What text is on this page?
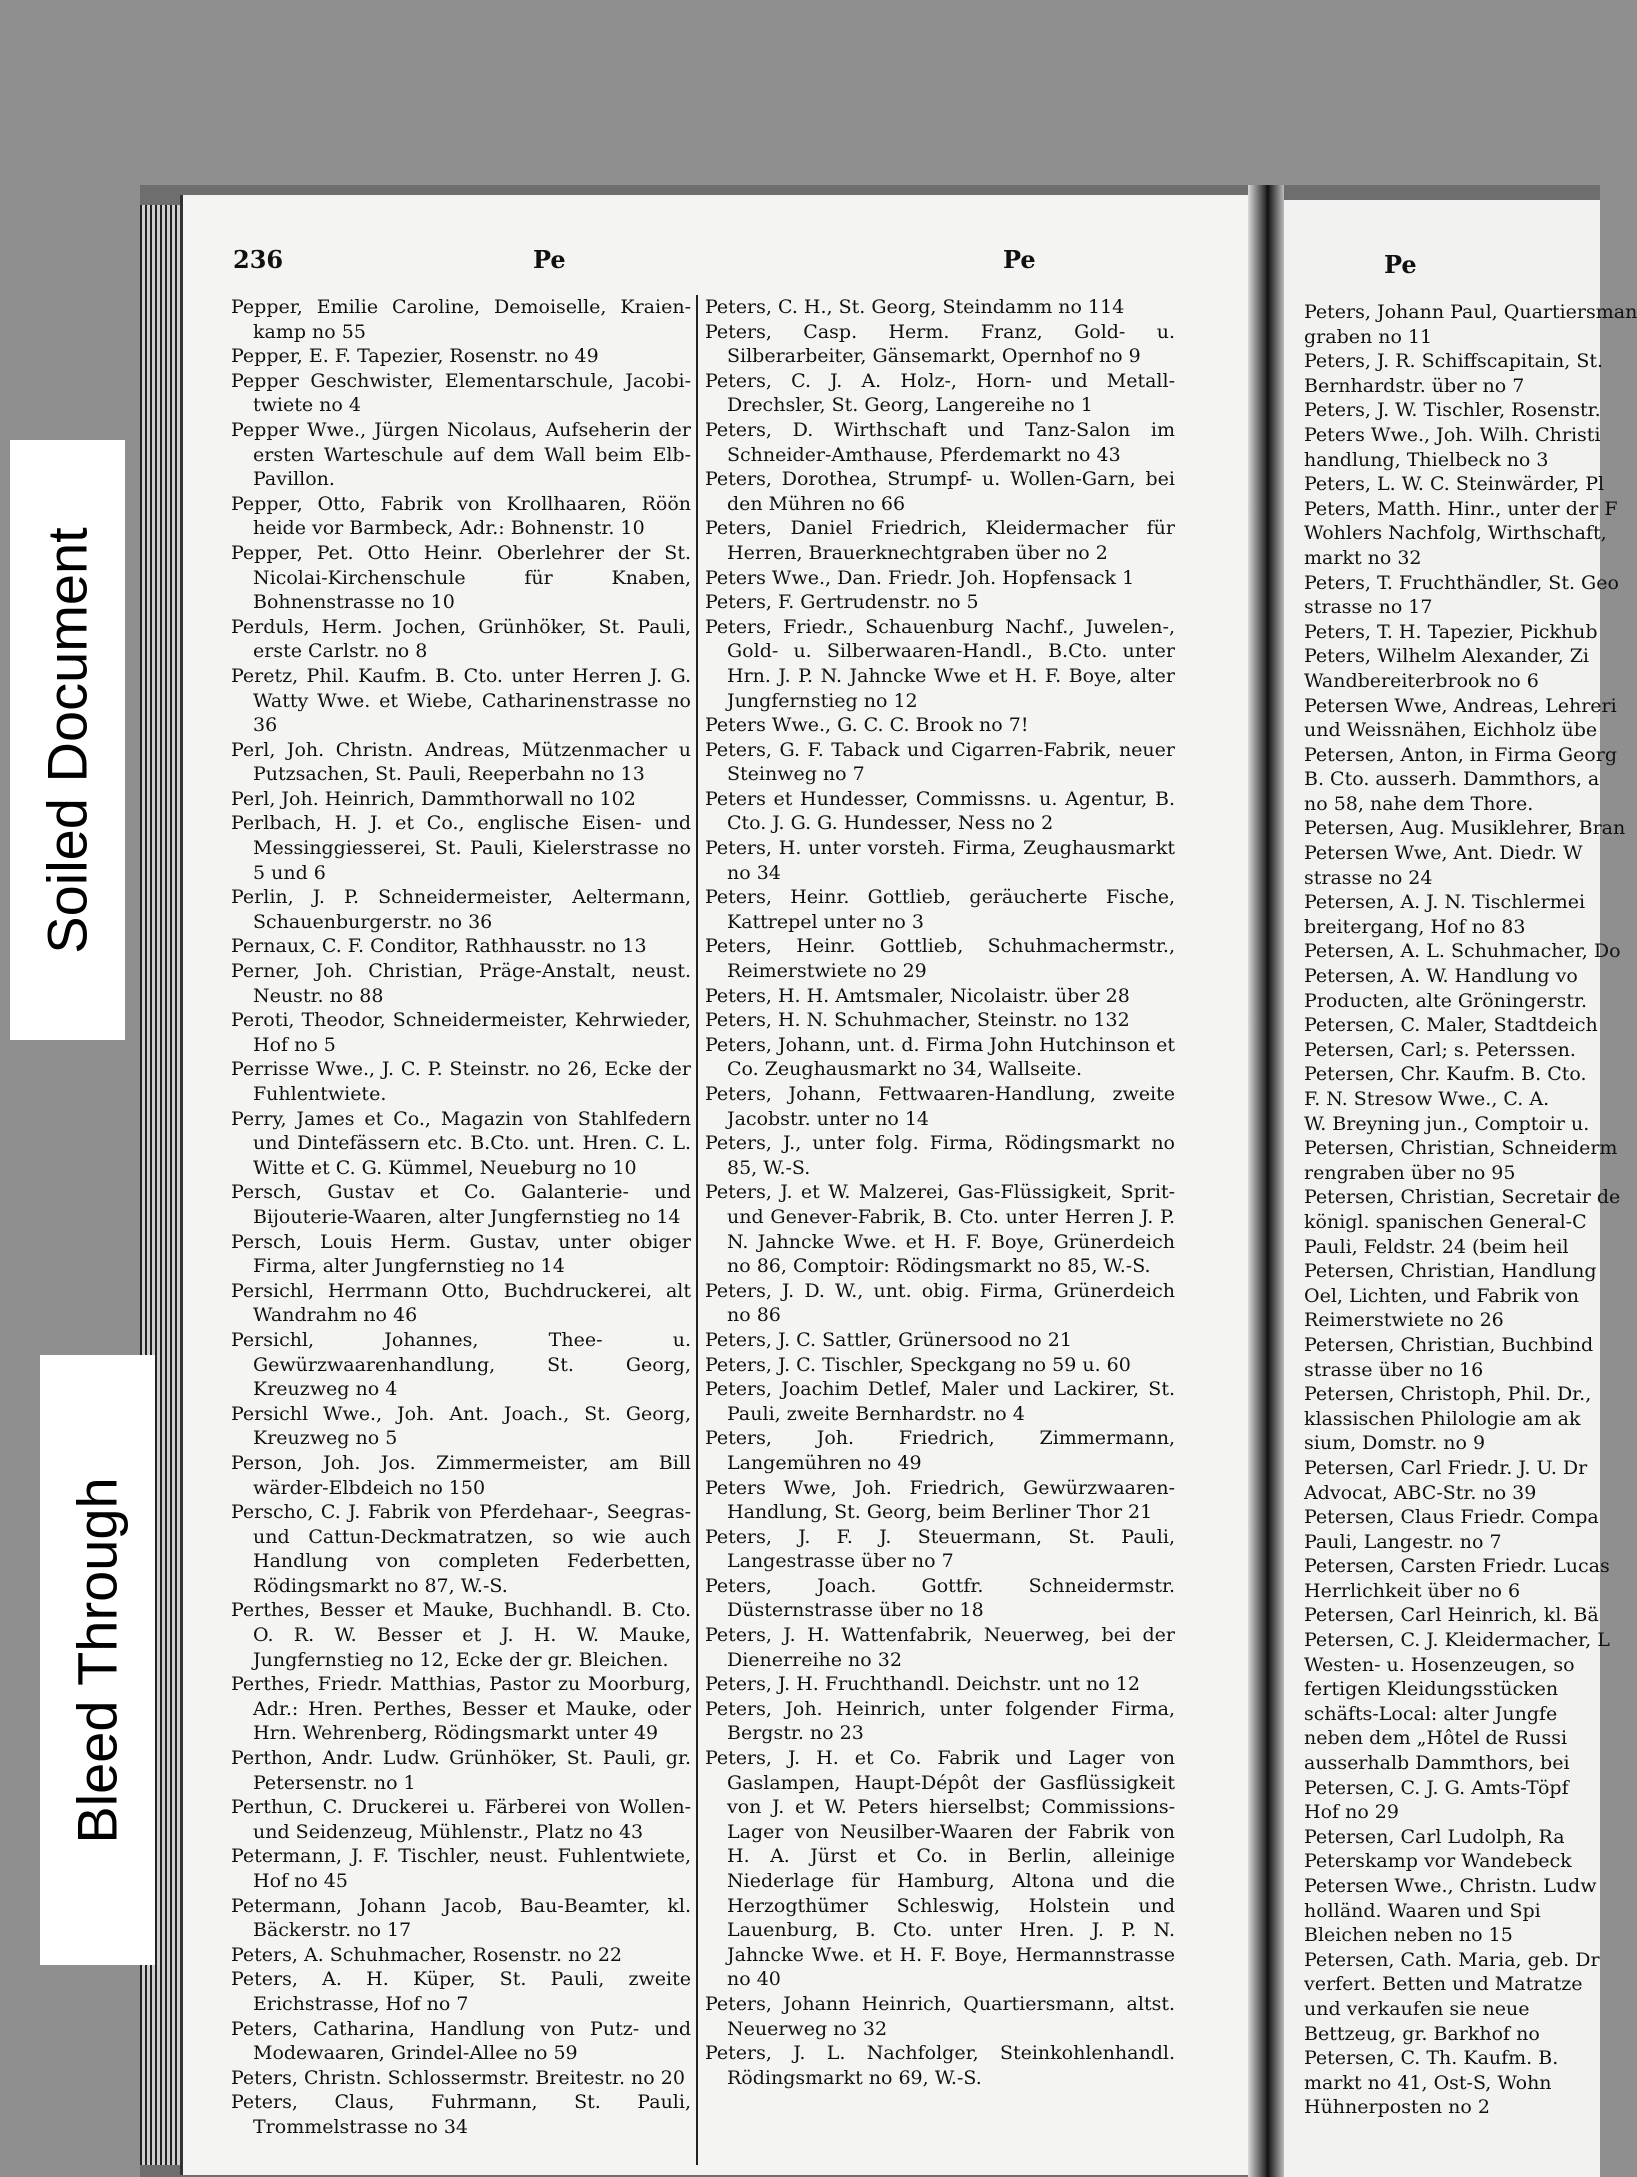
236	Pe	Pe
Pepper, Emilie Caroline, Demoiselle, Kraien-kamp no 55
Pepper, E. F. Tapezier, Rosenstr. no 49
Pepper Geschwister, Elementarschule, Jacobi-twiete no 4
Pepper Wwe., Jürgen Nicolaus, Aufseherin der ersten Warteschule auf dem Wall beim Elb-Pavillon.
Pepper, Otto, Fabrik von Krollhaaren, Röön heide vor Barmbeck, Adr.: Bohnenstr. 10
Pepper, Pet. Otto Heinr. Oberlehrer der St. Nicolai-Kirchenschule für Knaben, Bohnenstrasse no 10
Perduls, Herm. Jochen, Grünhöker, St. Pauli, erste Carlstr. no 8
Peretz, Phil. Kaufm. B. Cto. unter Herren J. G. Watty Wwe. et Wiebe, Catharinenstrasse no 36
Perl, Joh. Christn. Andreas, Mützenmacher u Putzsachen, St. Pauli, Reeperbahn no 13
Perl, Joh. Heinrich, Dammthorwall no 102
Perlbach, H. J. et Co., englische Eisen- und Messinggiesserei, St. Pauli, Kielerstrasse no 5 und 6
Perlin, J. P. Schneidermeister, Aeltermann, Schauenburgerstr. no 36
Pernaux, C. F. Conditor, Rathhausstr. no 13
Perner, Joh. Christian, Präge-Anstalt, neust. Neustr. no 88
Peroti, Theodor, Schneidermeister, Kehrwieder, Hof no 5
Perrisse Wwe., J. C. P. Steinstr. no 26, Ecke der Fuhlentwiete.
Perry, James et Co., Magazin von Stahlfedern und Dintefässern etc. B.Cto. unt. Hren. C. L. Witte et C. G. Kümmel, Neueburg no 10
Persch, Gustav et Co. Galanterie- und Bijouterie-Waaren, alter Jungfernstieg no 14
Persch, Louis Herm. Gustav, unter obiger Firma, alter Jungfernstieg no 14
Persichl, Herrmann Otto, Buchdruckerei, alt Wandrahm no 46
Persichl, Johannes, Thee- u. Gewürzwaarenhandlung, St. Georg, Kreuzweg no 4
Persichl Wwe., Joh. Ant. Joach., St. Georg, Kreuzweg no 5
Person, Joh. Jos. Zimmermeister, am Bill wärder-Elbdeich no 150
Perscho, C. J. Fabrik von Pferdehaar-, Seegras- und Cattun-Deckmatratzen, so wie auch Handlung von completen Federbetten, Rödingsmarkt no 87, W.-S.
Perthes, Besser et Mauke, Buchhandl. B. Cto. O. R. W. Besser et J. H. W. Mauke, Jungfernstieg no 12, Ecke der gr. Bleichen.
Perthes, Friedr. Matthias, Pastor zu Moorburg, Adr.: Hren. Perthes, Besser et Mauke, oder Hrn. Wehrenberg, Rödingsmarkt unter 49
Perthon, Andr. Ludw. Grünhöker, St. Pauli, gr. Petersenstr. no 1
Perthun, C. Druckerei u. Färberei von Wollen- und Seidenzeug, Mühlenstr., Platz no 43
Petermann, J. F. Tischler, neust. Fuhlentwiete, Hof no 45
Petermann, Johann Jacob, Bau-Beamter, kl. Bäckerstr. no 17
Peters, A. Schuhmacher, Rosenstr. no 22
Peters, A. H. Küper, St. Pauli, zweite Erichstrasse, Hof no 7
Peters, Catharina, Handlung von Putz- und Modewaaren, Grindel-Allee no 59
Peters, Christn. Schlossermstr. Breitestr. no 20
Peters, Claus, Fuhrmann, St. Pauli, Trommelstrasse no 34
Peters, C. H., St. Georg, Steindamm no 114
Peters, Casp. Herm. Franz, Gold- u. Silberarbeiter, Gänsemarkt, Opernhof no 9
Peters, C. J. A. Holz-, Horn- und Metall-Drechsler, St. Georg, Langereihe no 1
Peters, D. Wirthschaft und Tanz-Salon im Schneider-Amthause, Pferdemarkt no 43
Peters, Dorothea, Strumpf- u. Wollen-Garn, bei den Mühren no 66
Peters, Daniel Friedrich, Kleidermacher für Herren, Brauerknechtgraben über no 2
Peters Wwe., Dan. Friedr. Joh. Hopfensack 1
Peters, F. Gertrudenstr. no 5
Peters, Friedr., Schauenburg Nachf., Juwelen-, Gold- u. Silberwaaren-Handl., B.Cto. unter Hrn. J. P. N. Jahncke Wwe et H. F. Boye, alter Jungfernstieg no 12
Peters Wwe., G. C. C. Brook no 7!
Peters, G. F. Taback und Cigarren-Fabrik, neuer Steinweg no 7
Peters et Hundesser, Commissns. u. Agentur, B. Cto. J. G. G. Hundesser, Ness no 2
Peters, H. unter vorsteh. Firma, Zeughausmarkt no 34
Peters, Heinr. Gottlieb, geräucherte Fische, Kattrepel unter no 3
Peters, Heinr. Gottlieb, Schuhmachermstr., Reimerstwiete no 29
Peters, H. H. Amtsmaler, Nicolaistr. über 28
Peters, H. N. Schuhmacher, Steinstr. no 132
Peters, Johann, unt. d. Firma John Hutchinson et Co. Zeughausmarkt no 34, Wallseite.
Peters, Johann, Fettwaaren-Handlung, zweite Jacobstr. unter no 14
Peters, J., unter folg. Firma, Rödingsmarkt no 85, W.-S.
Peters, J. et W. Malzerei, Gas-Flüssigkeit, Sprit- und Genever-Fabrik, B. Cto. unter Herren J. P. N. Jahncke Wwe. et H. F. Boye, Grünerdeich no 86, Comptoir: Rödingsmarkt no 85, W.-S.
Peters, J. D. W., unt. obig. Firma, Grünerdeich no 86
Peters, J. C. Sattler, Grünersood no 21
Peters, J. C. Tischler, Speckgang no 59 u. 60
Peters, Joachim Detlef, Maler und Lackirer, St. Pauli, zweite Bernhardstr. no 4
Peters, Joh. Friedrich, Zimmermann, Langemühren no 49
Peters Wwe, Joh. Friedrich, Gewürzwaaren-Handlung, St. Georg, beim Berliner Thor 21
Peters, J. F. J. Steuermann, St. Pauli, Langestrasse über no 7
Peters, Joach. Gottfr. Schneidermstr. Düsternstrasse über no 18
Peters, J. H. Wattenfabrik, Neuerweg, bei der Dienerreihe no 32
Peters, J. H. Fruchthandl. Deichstr. unt no 12
Peters, Joh. Heinrich, unter folgender Firma, Bergstr. no 23
Peters, J. H. et Co. Fabrik und Lager von Gaslampen, Haupt-Dépôt der Gasflüssigkeit von J. et W. Peters hierselbst; Commissions-Lager von Neusilber-Waaren der Fabrik von H. A. Jürst et Co. in Berlin, alleinige Niederlage für Hamburg, Altona und die Herzogthümer Schleswig, Holstein und Lauenburg, B. Cto. unter Hren. J. P. N. Jahncke Wwe. et H. F. Boye, Hermannstrasse no 40
Peters, Johann Heinrich, Quartiersmann, altst. Neuerweg no 32
Peters, J. L. Nachfolger, Steinkohlenhandl. Rödingsmarkt no 69, W.-S.
Pe
Peters, Johann Paul, Quartiersman
graben no 11
Peters, J. R. Schiffscapitain, St.
Bernhardstr. über no 7
Peters, J. W. Tischler, Rosenstr.
Peters Wwe., Joh. Wilh. Christi
handlung, Thielbeck no 3
Peters, L. W. C. Steinwärder, Pl
Peters, Matth. Hinr., unter der F
Wohlers Nachfolg, Wirthschaft,
markt no 32
Peters, T. Fruchthändler, St. Geo
strasse no 17
Peters, T. H. Tapezier, Pickhub
Peters, Wilhelm Alexander, Zi
Wandbereiterbrook no 6
Petersen Wwe, Andreas, Lehreri
und Weissnähen, Eichholz übe
Petersen, Anton, in Firma Georg
B. Cto. ausserh. Dammthors, a
no 58, nahe dem Thore.
Petersen, Aug. Musiklehrer, Bran
Petersen Wwe, Ant. Diedr. W
strasse no 24
Petersen, A. J. N. Tischlermei
breitergang, Hof no 83
Petersen, A. L. Schuhmacher, Do
Petersen, A. W. Handlung vo
Producten, alte Gröningerstr.
Petersen, C. Maler, Stadtdeich
Petersen, Carl; s. Peterssen.
Petersen, Chr. Kaufm. B. Cto.
F. N. Stresow Wwe., C. A.
W. Breyning jun., Comptoir u.
Petersen, Christian, Schneiderm
rengraben über no 95
Petersen, Christian, Secretair de
königl. spanischen General-C
Pauli, Feldstr. 24 (beim heil
Petersen, Christian, Handlung
Oel, Lichten, und Fabrik von
Reimerstwiete no 26
Petersen, Christian, Buchbind
strasse über no 16
Petersen, Christoph, Phil. Dr.,
klassischen Philologie am ak
sium, Domstr. no 9
Petersen, Carl Friedr. J. U. Dr
Advocat, ABC-Str. no 39
Petersen, Claus Friedr. Compa
Pauli, Langestr. no 7
Petersen, Carsten Friedr. Lucas
Herrlichkeit über no 6
Petersen, Carl Heinrich, kl. Bä
Petersen, C. J. Kleidermacher, L
Westen- u. Hosenzeugen, so
fertigen Kleidungsstücken
schäfts-Local: alter Jungfe
neben dem „Hôtel de Russi
ausserhalb Dammthors, bei
Petersen, C. J. G. Amts-Töpf
Hof no 29
Petersen, Carl Ludolph, Ra
Peterskamp vor Wandebeck
Petersen Wwe., Christn. Ludw
holländ. Waaren und Spi
Bleichen neben no 15
Petersen, Cath. Maria, geb. Dr
verfert. Betten und Matratze
und verkaufen sie neue
Bettzeug, gr. Barkhof no
Petersen, C. Th. Kaufm. B.
markt no 41, Ost-S, Wohn
Hühnerposten no 2
Soiled Document
Bleed Through
